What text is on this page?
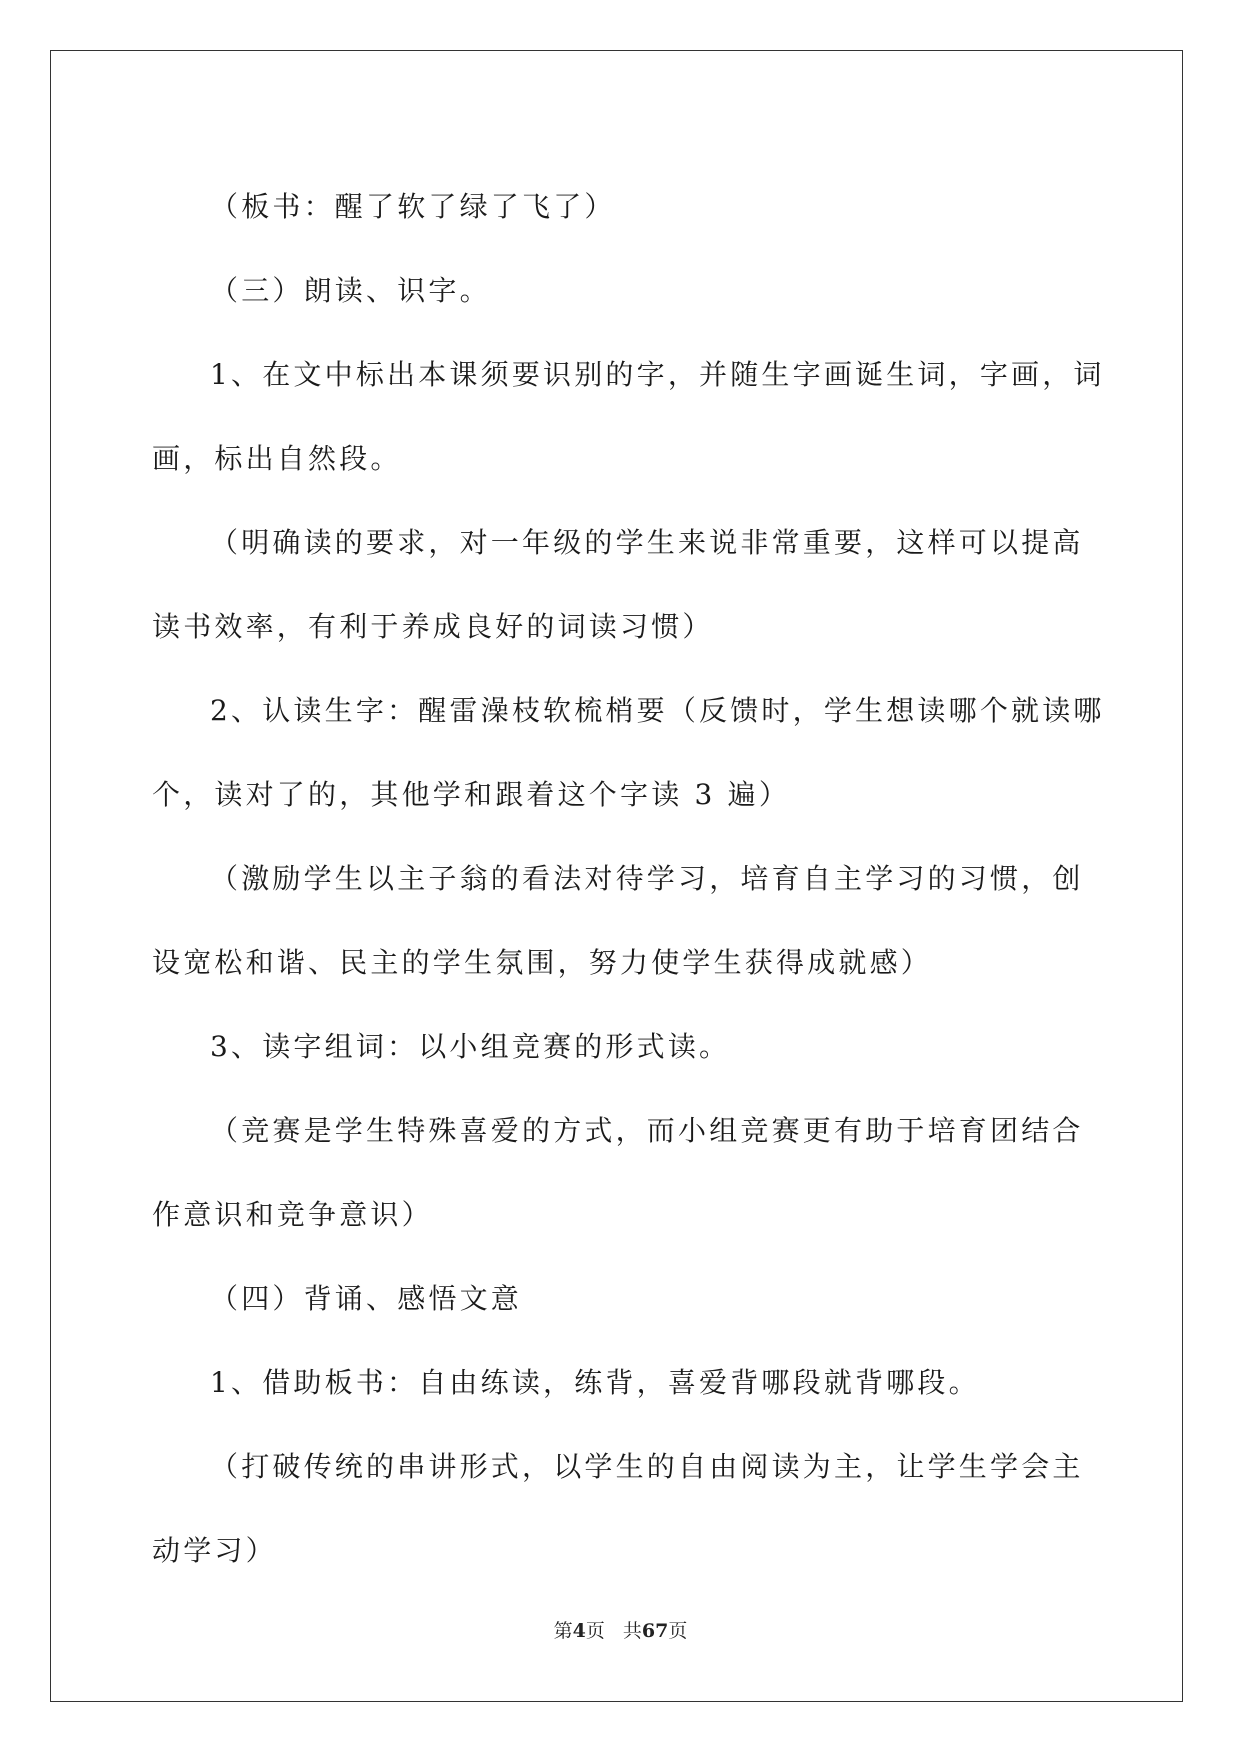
（板书：醒了软了绿了飞了）
（三）朗读、识字。
1、在文中标出本课须要识别的字，并随生字画诞生词，字画，词
画，标出自然段。
（明确读的要求，对一年级的学生来说非常重要，这样可以提高
读书效率，有利于养成良好的词读习惯）
2、认读生字：醒雷澡枝软梳梢要（反馈时，学生想读哪个就读哪
个，读对了的，其他学和跟着这个字读 3 遍）
（激励学生以主子翁的看法对待学习，培育自主学习的习惯，创
设宽松和谐、民主的学生氛围，努力使学生获得成就感）
3、读字组词：以小组竞赛的形式读。
（竞赛是学生特殊喜爱的方式，而小组竞赛更有助于培育团结合
作意识和竞争意识）
（四）背诵、感悟文意
1、借助板书：自由练读，练背，喜爱背哪段就背哪段。
（打破传统的串讲形式，以学生的自由阅读为主，让学生学会主
动学习）
第4页 共67页
